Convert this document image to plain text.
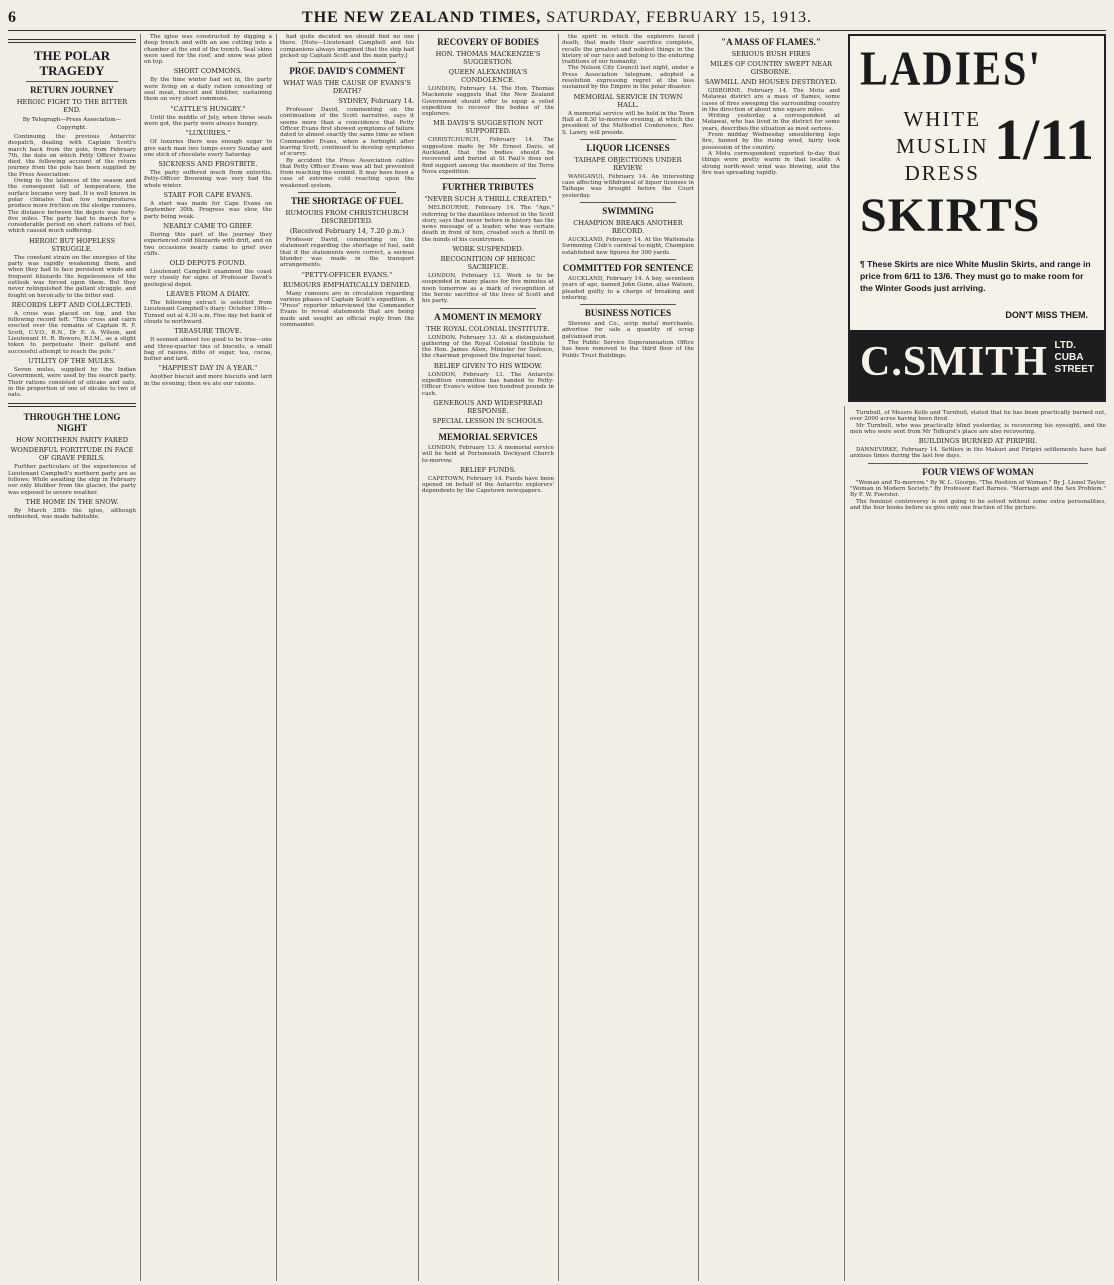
6	THE NEW ZEALAND TIMES, SATURDAY, FEBRUARY 15, 1913.
THE POLAR TRAGEDY
RETURN JOURNEY
HEROIC FIGHT TO THE BITTER END.
By Telegraph—Press Association—Copyright.

Continuing the previous Antarctic despatch, dealing with Captain Scott's march back from the pole, from February 7th, the date on which Petty Officer Evans died, the following account of the return journey from the pole has been supplied by the Press Association:

Owing to the lateness of the season and the consequent fall of temperature, the surface became very bad. It is well known in polar climates that low temperatures produce more friction on the sledge runners. The distance between the depots was forty-five miles. The party had to march for a considerable period on short rations of fuel, which caused much suffering.

HEROIC BUT HOPELESS STRUGGLE.

The constant strain on the energies of the party was rapidly weakening them, and when they had to face persistent winds and frequent blizzards the hopelessness of the outlook was forced upon them. But they never relinquished the gallant struggle, and fought on heroically to the bitter end.

RECORDS LEFT AND COLLECTED.

A cross was placed on top, and the following record left: "This cross and cairn erected over the remains of Captain R. F. Scott, C.V.O., R.N., Dr E. A. Wilson, and Lieutenant H. R. Bowers, R.I.M., as a slight token to perpetuate their gallant and successful attempt to reach the pole."

UTILITY OF THE MULES.

Seven mules, supplied by the Indian Government, were used by the search party. Their rations consisted of oilcake and oats, in the proportion of one of oilcake to two of oats.

THROUGH THE LONG NIGHT
HOW NORTHERN PARTY FARED
WONDERFUL FORTITUDE IN FACE OF GRAVE PERILS.

Further particulars of the experiences of Lieutenant Campbell's northern party are as follows: While awaiting the ship in February our only blubber from the glacier, the party was exposed to severe weather.

THE HOME IN THE SNOW.

By March 20th the igloo, although unfinished, was made habitable.

The igloo was constructed by digging a deep trench and with an axe cutting into a chamber at the end of the trench. Seal skins were used for the roof, and snow was piled on top.

SHORT COMMONS.

By the time winter had set in, the party were living on a daily ration consisting of seal meat, biscuit and blubber, sustaining them on very short commons.

"CATTLE'S HUNGRY."

Until the middle of July, when three seals were got, the party were always hungry.

"LUXURIES."

Of luxuries there was enough sugar to give each man two lumps every Sunday and one stick of chocolate every Saturday.

SICKNESS AND FROSTBITE.

The party suffered much from enteritis. Petty-Officer Browning was very bad the whole winter.

START FOR CAPE EVANS.

A start was made for Cape Evans on September 30th. Progress was slow, the party being weak.

NEARLY CAME TO GRIEF.

During this part of the journey they experienced cold blizzards with drift, and on two occasions nearly came to grief over cliffs.

OLD DEPOTS FOUND.

Lieutenant Campbell examined the coast very closely for signs of Professor David's geological depot.

LEAVES FROM A DIARY.

The following extract is selected from Lieutenant Campbell's diary: October 19th—Turned out at 4.30 a.m. Fine day but bank of clouds to northward.

TREASURE TROVE.

It seemed almost too good to be true—one and three-quarter tins of biscuits, a small bag of raisins, ditto of sugar, tea, cocoa, butter and lard.

"HAPPIEST DAY IN A YEAR."

Another biscuit and more biscuits and lard in the evening; then we ate our raisins.

had quite decided we should find no one there. [Note—Lieutenant Campbell and his companions always imagined that the ship had picked up Captain Scott and the main party.]

PROF. DAVID'S COMMENT
WHAT WAS THE CAUSE OF EVANS'S DEATH?
SYDNEY, February 14.

Professor David, commenting on the continuation of the Scott narrative, says it seems more than a coincidence that Petty Officer Evans first showed symptoms of failure dated to almost exactly the same time as when Commander Evans, when a fortnight after leaving Scott, continued to develop symptoms of scurvy.

By accident the Press Association cables that Petty Officer Evans was all but prevented from reaching the summit. It may have been a case of extreme cold reacting upon the weakened system.

THE SHORTAGE OF FUEL
RUMOURS FROM CHRISTCHURCH DISCREDITED.
(Received February 14, 7.20 p.m.)

Professor David, commenting on the statement regarding the shortage of fuel, said that if the statements were correct, a serious blunder was made in the transport arrangements.

"PETTY-OFFICER EVANS."
RUMOURS EMPHATICALLY DENIED.

Many rumours are in circulation regarding various phases of Captain Scott's expedition. A "Press" reporter interviewed the Commander Evans to reveal statements that are being made and sought an official reply from the commander.

RECOVERY OF BODIES
HON. THOMAS MACKENZIE'S SUGGESTION.
QUEEN ALEXANDRA'S CONDOLENCE.

LONDON, February 14. The Hon. Thomas Mackenzie suggests that the New Zealand Government should offer to equip a relief expedition to recover the bodies of the explorers.

MR DAVIS'S SUGGESTION NOT SUPPORTED.

CHRISTCHURCH, February 14. The suggestion made by Mr Ernest Davis, of Auckland, that the bodies should be recovered and buried at St Paul's does not find support among the members of the Terra Nova expedition.

FURTHER TRIBUTES
"NEVER SUCH A THRILL CREATED."

MELBOURNE, February 14. The "Age," referring to the dauntless interest in the Scott story, says that never before in history has the news message of a leader, who was certain death in front of him, created such a thrill in the minds of his countrymen.

WORK SUSPENDED.
RECOGNITION OF HEROIC SACRIFICE.

LONDON, February 13. Work is to be suspended in many places for five minutes at noon tomorrow as a mark of recognition of the heroic sacrifice of the lives of Scott and his party.

A MOMENT IN MEMORY
THE ROYAL COLONIAL INSTITUTE.

LONDON, February 13. At a distinguished gathering of the Royal Colonial Institute to the Hon. James Allen, Minister for Defence, the chairman proposed the Imperial toast.

RELIEF GIVEN TO HIS WIDOW.

LONDON, February 13. The Antarctic expedition committee has handed to Petty-Officer Evans's widow two hundred pounds in cash.

GENEROUS AND WIDESPREAD RESPONSE.
SPECIAL LESSON IN SCHOOLS.
MEMORIAL SERVICES

LONDON, February 13. A memorial service will be held at Portsmouth Dockyard Church to-morrow.

RELIEF FUNDS.

CAPETOWN, February 14. Funds have been opened on behalf of the Antarctic explorers' dependents by the Capetown newspapers.

the spirit in which the explorers faced death, that made their sacrifice complete, recalls the greatest and noblest things in the history of our race and belong to the enduring traditions of our humanity.

The Nelson City Council last night, under a Press Association telegram, adopted a resolution expressing regret at the loss sustained by the Empire in the polar disaster.

MEMORIAL SERVICE IN TOWN HALL.

A memorial service will be held in the Town Hall at 8.30 to-morrow evening, at which the president of the Methodist Conference, Rev. S. Lawry, will preside.

LIQUOR LICENSES
TAIHAPE OBJECTIONS UNDER REVIEW.

WANGANUI, February 14. An interesting case affecting withdrawal of liquor licenses in Taihape was brought before the Court yesterday.

SWIMMING
CHAMPION BREAKS ANOTHER RECORD.

AUCKLAND, February 14. At the Waitemata Swimming Club's carnival to-night, Champion established new figures for 300 yards.

COMMITTED FOR SENTENCE

AUCKLAND, February 14. A boy, seventeen years of age, named John Gunn, alias Watson, pleaded guilty to a charge of breaking and entering.

BUSINESS NOTICES

Stevens and Co., scrip metal merchants, advertise for sale a quantity of scrap galvanised iron.

The Public Service Superannuation Office has been removed to the third floor of the Public Trust Buildings.

"A MASS OF FLAMES."
SERIOUS BUSH FIRES
MILES OF COUNTRY SWEPT NEAR GISBORNE.
SAWMILL AND HOUSES DESTROYED.

GISBORNE, February 14. The Motu and Matawai district are a mass of flames, some cases of fires sweeping the surrounding country in the direction of about nine square miles.

Writing yesterday a correspondent at Matawai, who has lived in the district for some years, describes the situation as most serious.

From midday Wednesday smouldering logs fire, fanned by the rising wind, fairly took possession of the country.

A Motu correspondent reported to-day that things were pretty warm in that locality. A strong north-west wind was blowing, and the fire was spreading rapidly.

LADIES'
WHITE
MUSLIN
DRESS
1/11
SKIRTS
¶ These Skirts are nice White Muslin Skirts, and range in price from 6/11 to 13/6. They must go to make room for the Winter Goods just arriving.
DON'T MISS THEM.
C.SMITH LTD.
CUBA
STREET

Turnbull, of Messrs Kells and Turnbull, stated that he has been practically burned out, over 2000 acres having been fired.

Mr Turnbull, who was practically blind yesterday, is recovering his eyesight, and the men who were sent from Mr Tolhurst's place are also recovering.

BUILDINGS BURNED AT PIRIPIRI.

DANNEVIRKE, February 14. Settlers in the Makuri and Piripiri settlements have had anxious times during the last few days.

FOUR VIEWS OF WOMAN

"Woman and To-morrow." By W. L. George. "The Position of Woman." By J. Lionel Tayler. "Woman in Modern Society." By Professor Earl Barnes. "Marriage and the Sex Problem." By F. W. Foerster.

The feminist controversy is not going to be solved without some extra personalities, and the four books before us give only one fraction of the picture.
